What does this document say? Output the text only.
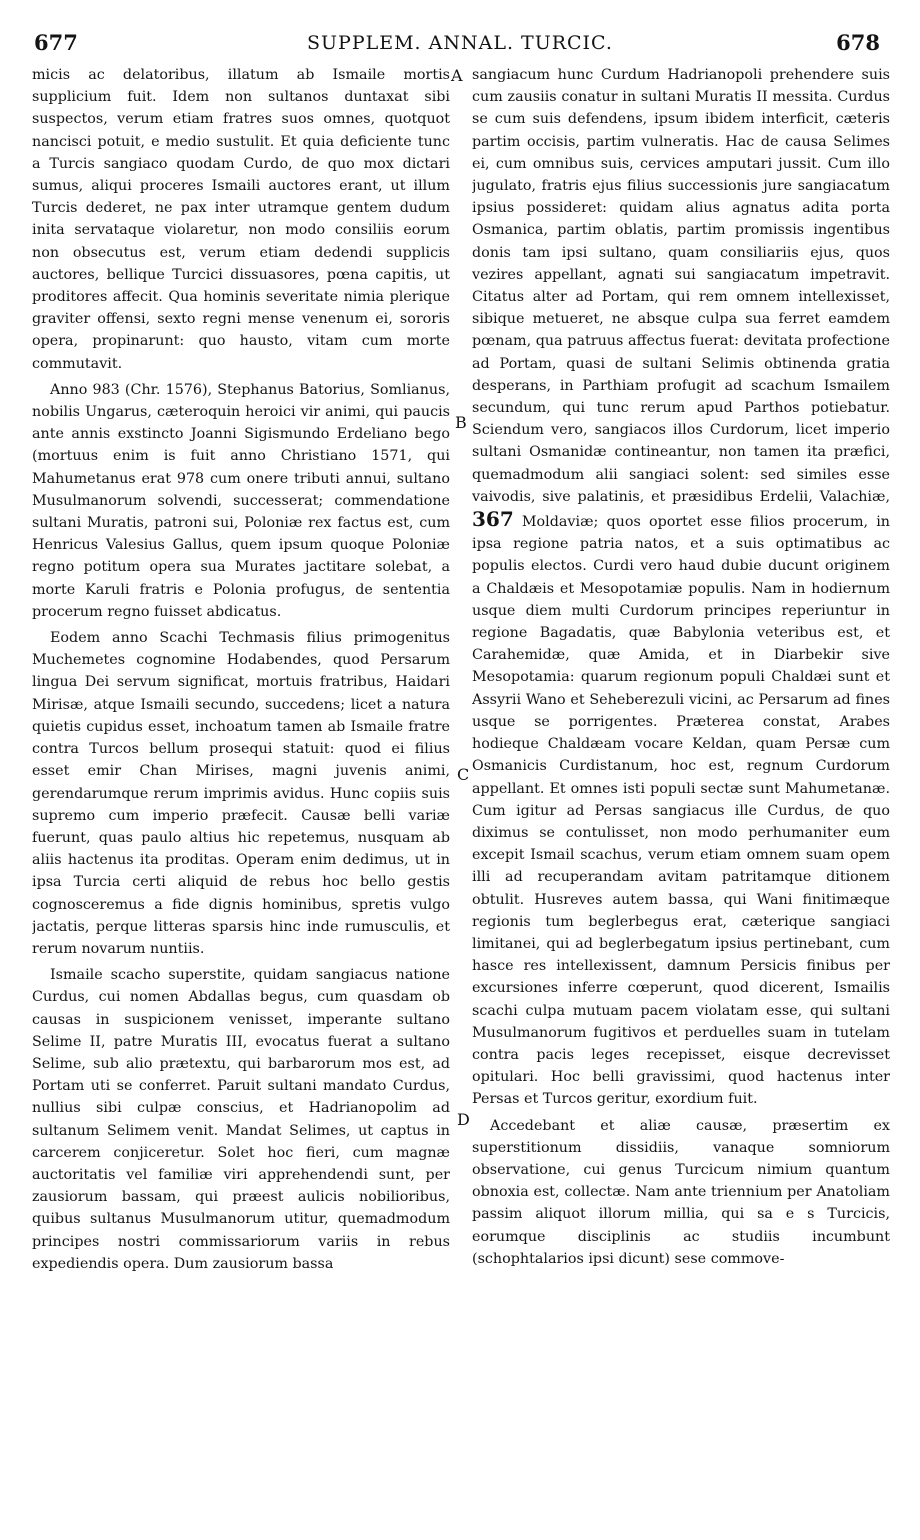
677	SUPPLEM. ANNAL. TURCIC.	678
A
B
C
D

micis ac delatoribus, illatum ab Ismaile mortis supplicium fuit. Idem non sultanos duntaxat sibi suspectos, verum etiam fratres suos omnes, quotquot nancisci potuit, e medio sustulit. Et quia deficiente tunc a Turcis sangiaco quodam Curdo, de quo mox dictari sumus, aliqui proceres Ismaili auctores erant, ut illum Turcis dederet, ne pax inter utramque gentem dudum inita servataque violaretur, non modo consiliis eorum non obsecutus est, verum etiam dedendi supplicis auctores, bellique Turcici dissuasores, pœna capitis, ut proditores affecit. Qua hominis severitate nimia plerique graviter offensi, sexto regni mense venenum ei, sororis opera, propinarunt: quo hausto, vitam cum morte commutavit.

Anno 983 (Chr. 1576), Stephanus Batorius, Somlianus, nobilis Ungarus, cæteroquin heroici vir animi, qui paucis ante annis exstincto Joanni Sigismundo Erdeliano bego (mortuus enim is fuit anno Christiano 1571, qui Mahumetanus erat 978 cum onere tributi annui, sultano Musulmanorum solvendi, successerat; commendatione sultani Muratis, patroni sui, Poloniæ rex factus est, cum Henricus Valesius Gallus, quem ipsum quoque Poloniæ regno potitum opera sua Murates jactitare solebat, a morte Karuli fratris e Polonia profugus, de sententia procerum regno fuisset abdicatus.

Eodem anno Scachi Techmasis filius primogenitus Muchemetes cognomine Hodabendes, quod Persarum lingua Dei servum significat, mortuis fratribus, Haidari Mirisæ, atque Ismaili secundo, succedens; licet a natura quietis cupidus esset, inchoatum tamen ab Ismaile fratre contra Turcos bellum prosequi statuit: quod ei filius esset emir Chan Mirises, magni juvenis animi, gerendarumque rerum imprimis avidus. Hunc copiis suis supremo cum imperio præfecit. Causæ belli variæ fuerunt, quas paulo altius hic repetemus, nusquam ab aliis hactenus ita proditas. Operam enim dedimus, ut in ipsa Turcia certi aliquid de rebus hoc bello gestis cognosceremus a fide dignis hominibus, spretis vulgo jactatis, perque litteras sparsis hinc inde rumusculis, et rerum novarum nuntiis.

Ismaile scacho superstite, quidam sangiacus natione Curdus, cui nomen Abdallas begus, cum quasdam ob causas in suspicionem venisset, imperante sultano Selime II, patre Muratis III, evocatus fuerat a sultano Selime, sub alio prætextu, qui barbarorum mos est, ad Portam uti se conferret. Paruit sultani mandato Curdus, nullius sibi culpæ conscius, et Hadrianopolim ad sultanum Selimem venit. Mandat Selimes, ut captus in carcerem conjiceretur. Solet hoc fieri, cum magnæ auctoritatis vel familiæ viri apprehendendi sunt, per zausiorum bassam, qui præest aulicis nobilioribus, quibus sultanus Musulmanorum utitur, quemadmodum principes nostri commissariorum variis in rebus expediendis opera. Dum zausiorum bassa

sangiacum hunc Curdum Hadrianopoli prehendere suis cum zausiis conatur in sultani Muratis II messita. Curdus se cum suis defendens, ipsum ibidem interficit, cæteris partim occisis, partim vulneratis. Hac de causa Selimes ei, cum omnibus suis, cervices amputari jussit. Cum illo jugulato, fratris ejus filius successionis jure sangiacatum ipsius possideret: quidam alius agnatus adita porta Osmanica, partim oblatis, partim promissis ingentibus donis tam ipsi sultano, quam consiliariis ejus, quos vezires appellant, agnati sui sangiacatum impetravit. Citatus alter ad Portam, qui rem omnem intellexisset, sibique metueret, ne absque culpa sua ferret eamdem pœnam, qua patruus affectus fuerat: devitata profectione ad Portam, quasi de sultani Selimis obtinenda gratia desperans, in Parthiam profugit ad scachum Ismailem secundum, qui tunc rerum apud Parthos potiebatur. Sciendum vero, sangiacos illos Curdorum, licet imperio sultani Osmanidæ contineantur, non tamen ita præfici, quemadmodum alii sangiaci solent: sed similes esse vaivodis, sive palatinis, et præsidibus Erdelii, Valachiæ, 367 Moldaviæ; quos oportet esse filios procerum, in ipsa regione patria natos, et a suis optimatibus ac populis electos. Curdi vero haud dubie ducunt originem a Chaldæis et Mesopotamiæ populis. Nam in hodiernum usque diem multi Curdorum principes reperiuntur in regione Bagadatis, quæ Babylonia veteribus est, et Carahemidæ, quæ Amida, et in Diarbekir sive Mesopotamia: quarum regionum populi Chaldæi sunt et Assyrii Wano et Seheberezuli vicini, ac Persarum ad fines usque se porrigentes. Præterea constat, Arabes hodieque Chaldæam vocare Keldan, quam Persæ cum Osmanicis Curdistanum, hoc est, regnum Curdorum appellant. Et omnes isti populi sectæ sunt Mahumetanæ. Cum igitur ad Persas sangiacus ille Curdus, de quo diximus se contulisset, non modo perhumaniter eum excepit Ismail scachus, verum etiam omnem suam opem illi ad recuperandam avitam patritamque ditionem obtulit. Husreves autem bassa, qui Wani finitimæque regionis tum beglerbegus erat, cæterique sangiaci limitanei, qui ad beglerbegatum ipsius pertinebant, cum hasce res intellexissent, damnum Persicis finibus per excursiones inferre cœperunt, quod dicerent, Ismailis scachi culpa mutuam pacem violatam esse, qui sultani Musulmanorum fugitivos et perduelles suam in tutelam contra pacis leges recepisset, eisque decrevisset opitulari. Hoc belli gravissimi, quod hactenus inter Persas et Turcos geritur, exordium fuit.

Accedebant et aliæ causæ, præsertim ex superstitionum dissidiis, vanaque somniorum observatione, cui genus Turcicum nimium quantum obnoxia est, collectæ. Nam ante triennium per Anatoliam passim aliquot illorum millia, qui sa e s Turcicis, eorumque disciplinis ac studiis incumbunt (schophtalarios ipsi dicunt) sese commove-
